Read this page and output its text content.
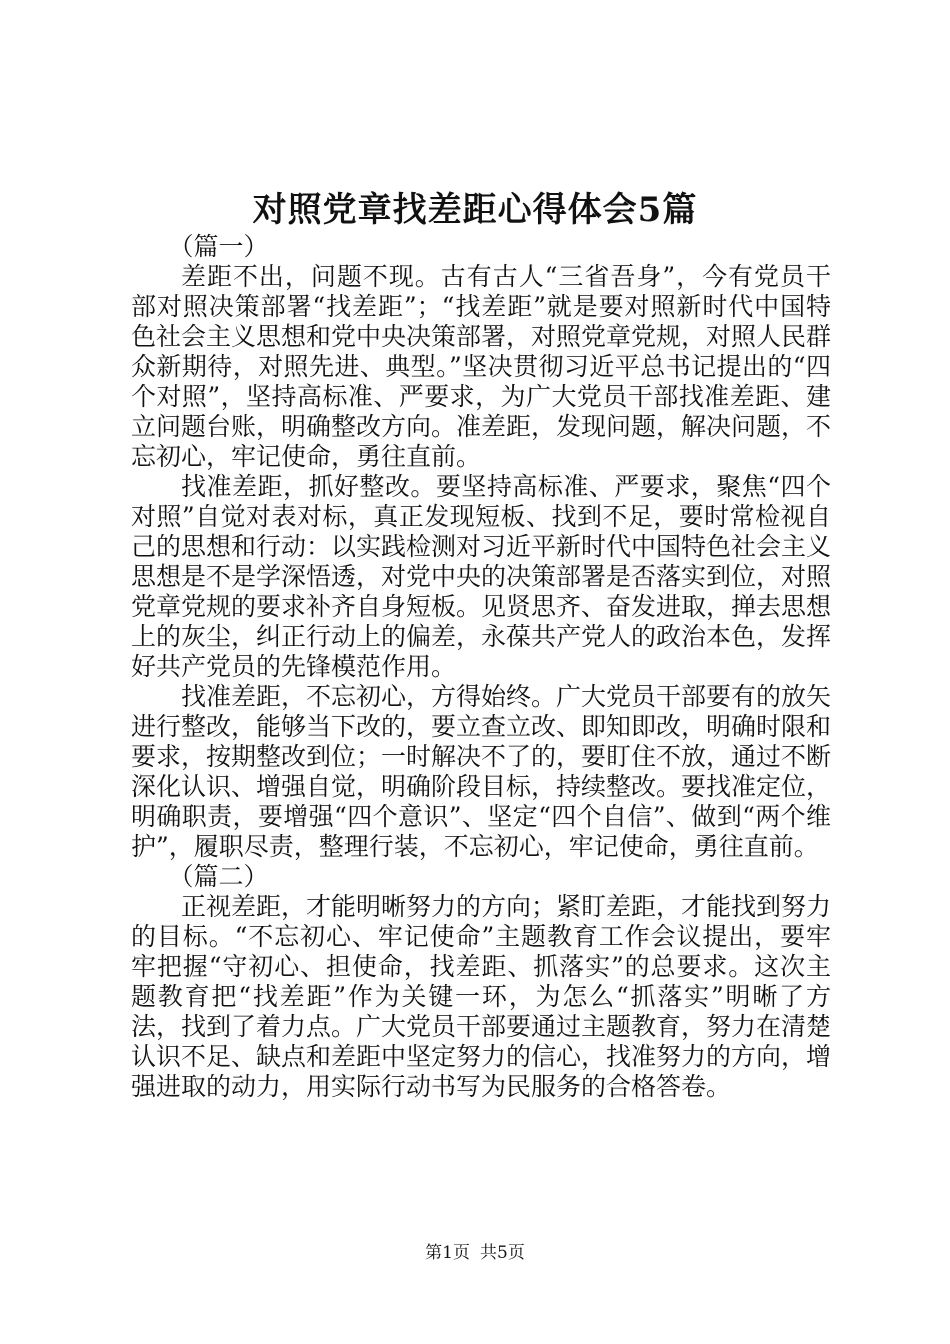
对照党章找差距心得体会5篇

（篇一）

差距不出，问题不现。古有古人“三省吾身”，今有党员干部对照决策部署“找差距”；“找差距”就是要对照新时代中国特色社会主义思想和党中央决策部署，对照党章党规，对照人民群众新期待，对照先进、典型。”坚决贯彻习近平总书记提出的“四个对照”，坚持高标准、严要求，为广大党员干部找准差距、建立问题台账，明确整改方向。准差距，发现问题，解决问题，不忘初心，牢记使命，勇往直前。

找准差距，抓好整改。要坚持高标准、严要求，聚焦“四个对照”自觉对表对标，真正发现短板、找到不足，要时常检视自己的思想和行动：以实践检测对习近平新时代中国特色社会主义思想是不是学深悟透，对党中央的决策部署是否落实到位，对照党章党规的要求补齐自身短板。见贤思齐、奋发进取，掸去思想上的灰尘，纠正行动上的偏差，永葆共产党人的政治本色，发挥好共产党员的先锋模范作用。

找准差距，不忘初心，方得始终。广大党员干部要有的放矢进行整改，能够当下改的，要立查立改、即知即改，明确时限和要求，按期整改到位；一时解决不了的，要盯住不放，通过不断深化认识、增强自觉，明确阶段目标，持续整改。要找准定位，明确职责，要增强“四个意识”、坚定“四个自信”、做到“两个维护”，履职尽责，整理行装，不忘初心，牢记使命，勇往直前。

（篇二）

正视差距，才能明晰努力的方向；紧盯差距，才能找到努力的目标。“不忘初心、牢记使命”主题教育工作会议提出，要牢牢把握“守初心、担使命，找差距、抓落实”的总要求。这次主题教育把“找差距”作为关键一环，为怎么“抓落实”明晰了方法，找到了着力点。广大党员干部要通过主题教育，努力在清楚认识不足、缺点和差距中坚定努力的信心，找准努力的方向，增强进取的动力，用实际行动书写为民服务的合格答卷。

第1页 共5页
